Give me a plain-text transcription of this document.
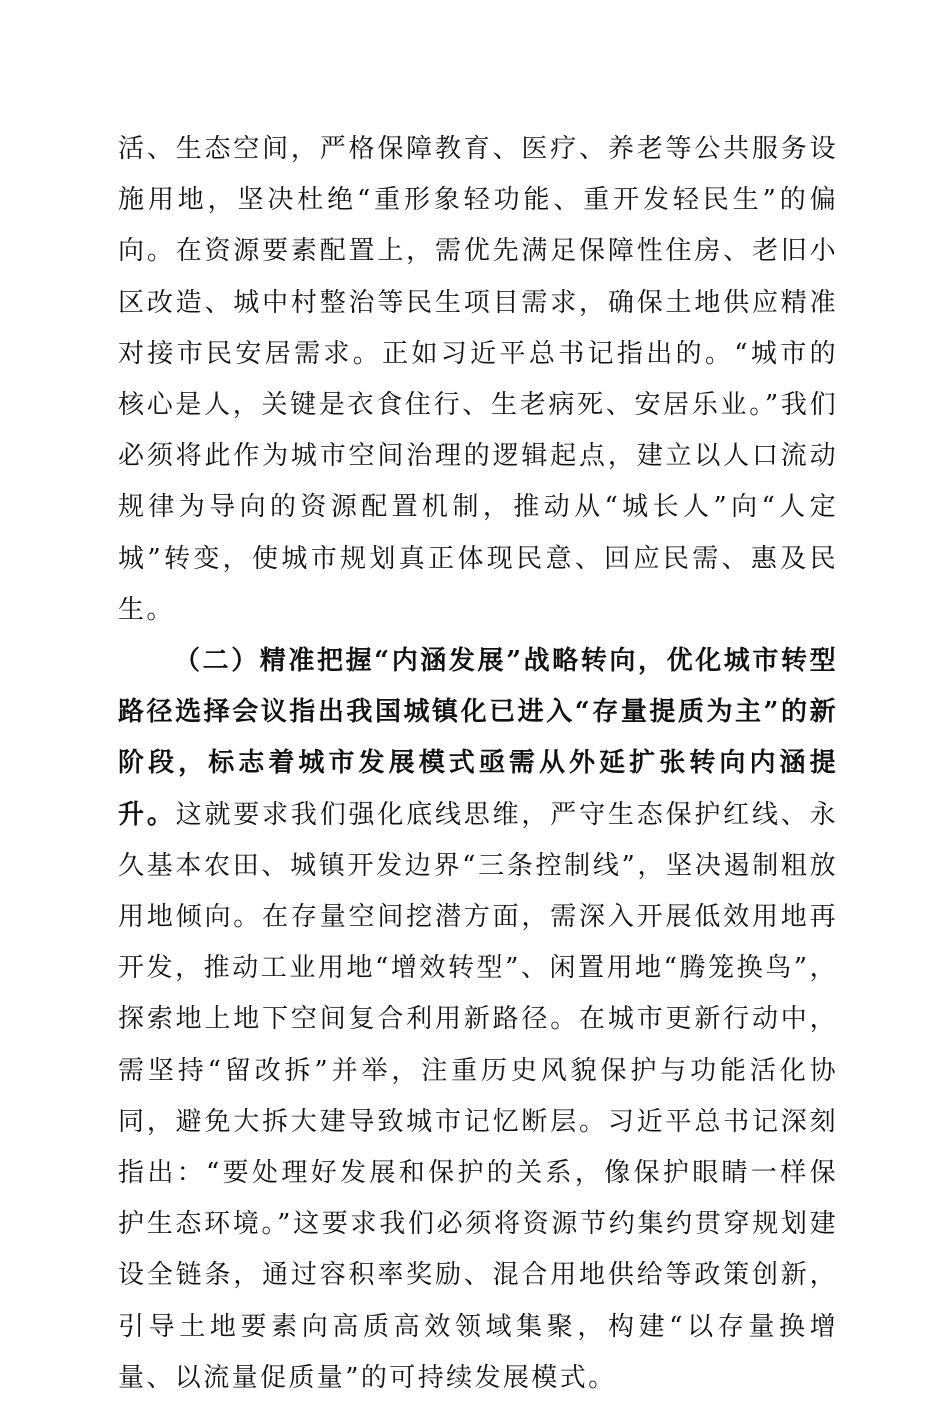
活、生态空间，严格保障教育、医疗、养老等公共服务设施用地，坚决杜绝“重形象轻功能、重开发轻民生”的偏向。在资源要素配置上，需优先满足保障性住房、老旧小区改造、城中村整治等民生项目需求，确保土地供应精准对接市民安居需求。正如习近平总书记指出的。“城市的核心是人，关键是衣食住行、生老病死、安居乐业。”我们必须将此作为城市空间治理的逻辑起点，建立以人口流动规律为导向的资源配置机制，推动从“城长人”向“人定城”转变，使城市规划真正体现民意、回应民需、惠及民生。

（二）精准把握“内涵发展”战略转向，优化城市转型路径选择会议指出我国城镇化已进入“存量提质为主”的新阶段，标志着城市发展模式亟需从外延扩张转向内涵提升。这就要求我们强化底线思维，严守生态保护红线、永久基本农田、城镇开发边界“三条控制线”，坚决遏制粗放用地倾向。在存量空间挖潜方面，需深入开展低效用地再开发，推动工业用地“增效转型”、闲置用地“腾笼换鸟”，探索地上地下空间复合利用新路径。在城市更新行动中，需坚持“留改拆”并举，注重历史风貌保护与功能活化协同，避免大拆大建导致城市记忆断层。习近平总书记深刻指出：“要处理好发展和保护的关系，像保护眼睛一样保护生态环境。”这要求我们必须将资源节约集约贯穿规划建设全链条，通过容积率奖励、混合用地供给等政策创新，引导土地要素向高质高效领域集聚，构建“以存量换增量、以流量促质量”的可持续发展模式。
